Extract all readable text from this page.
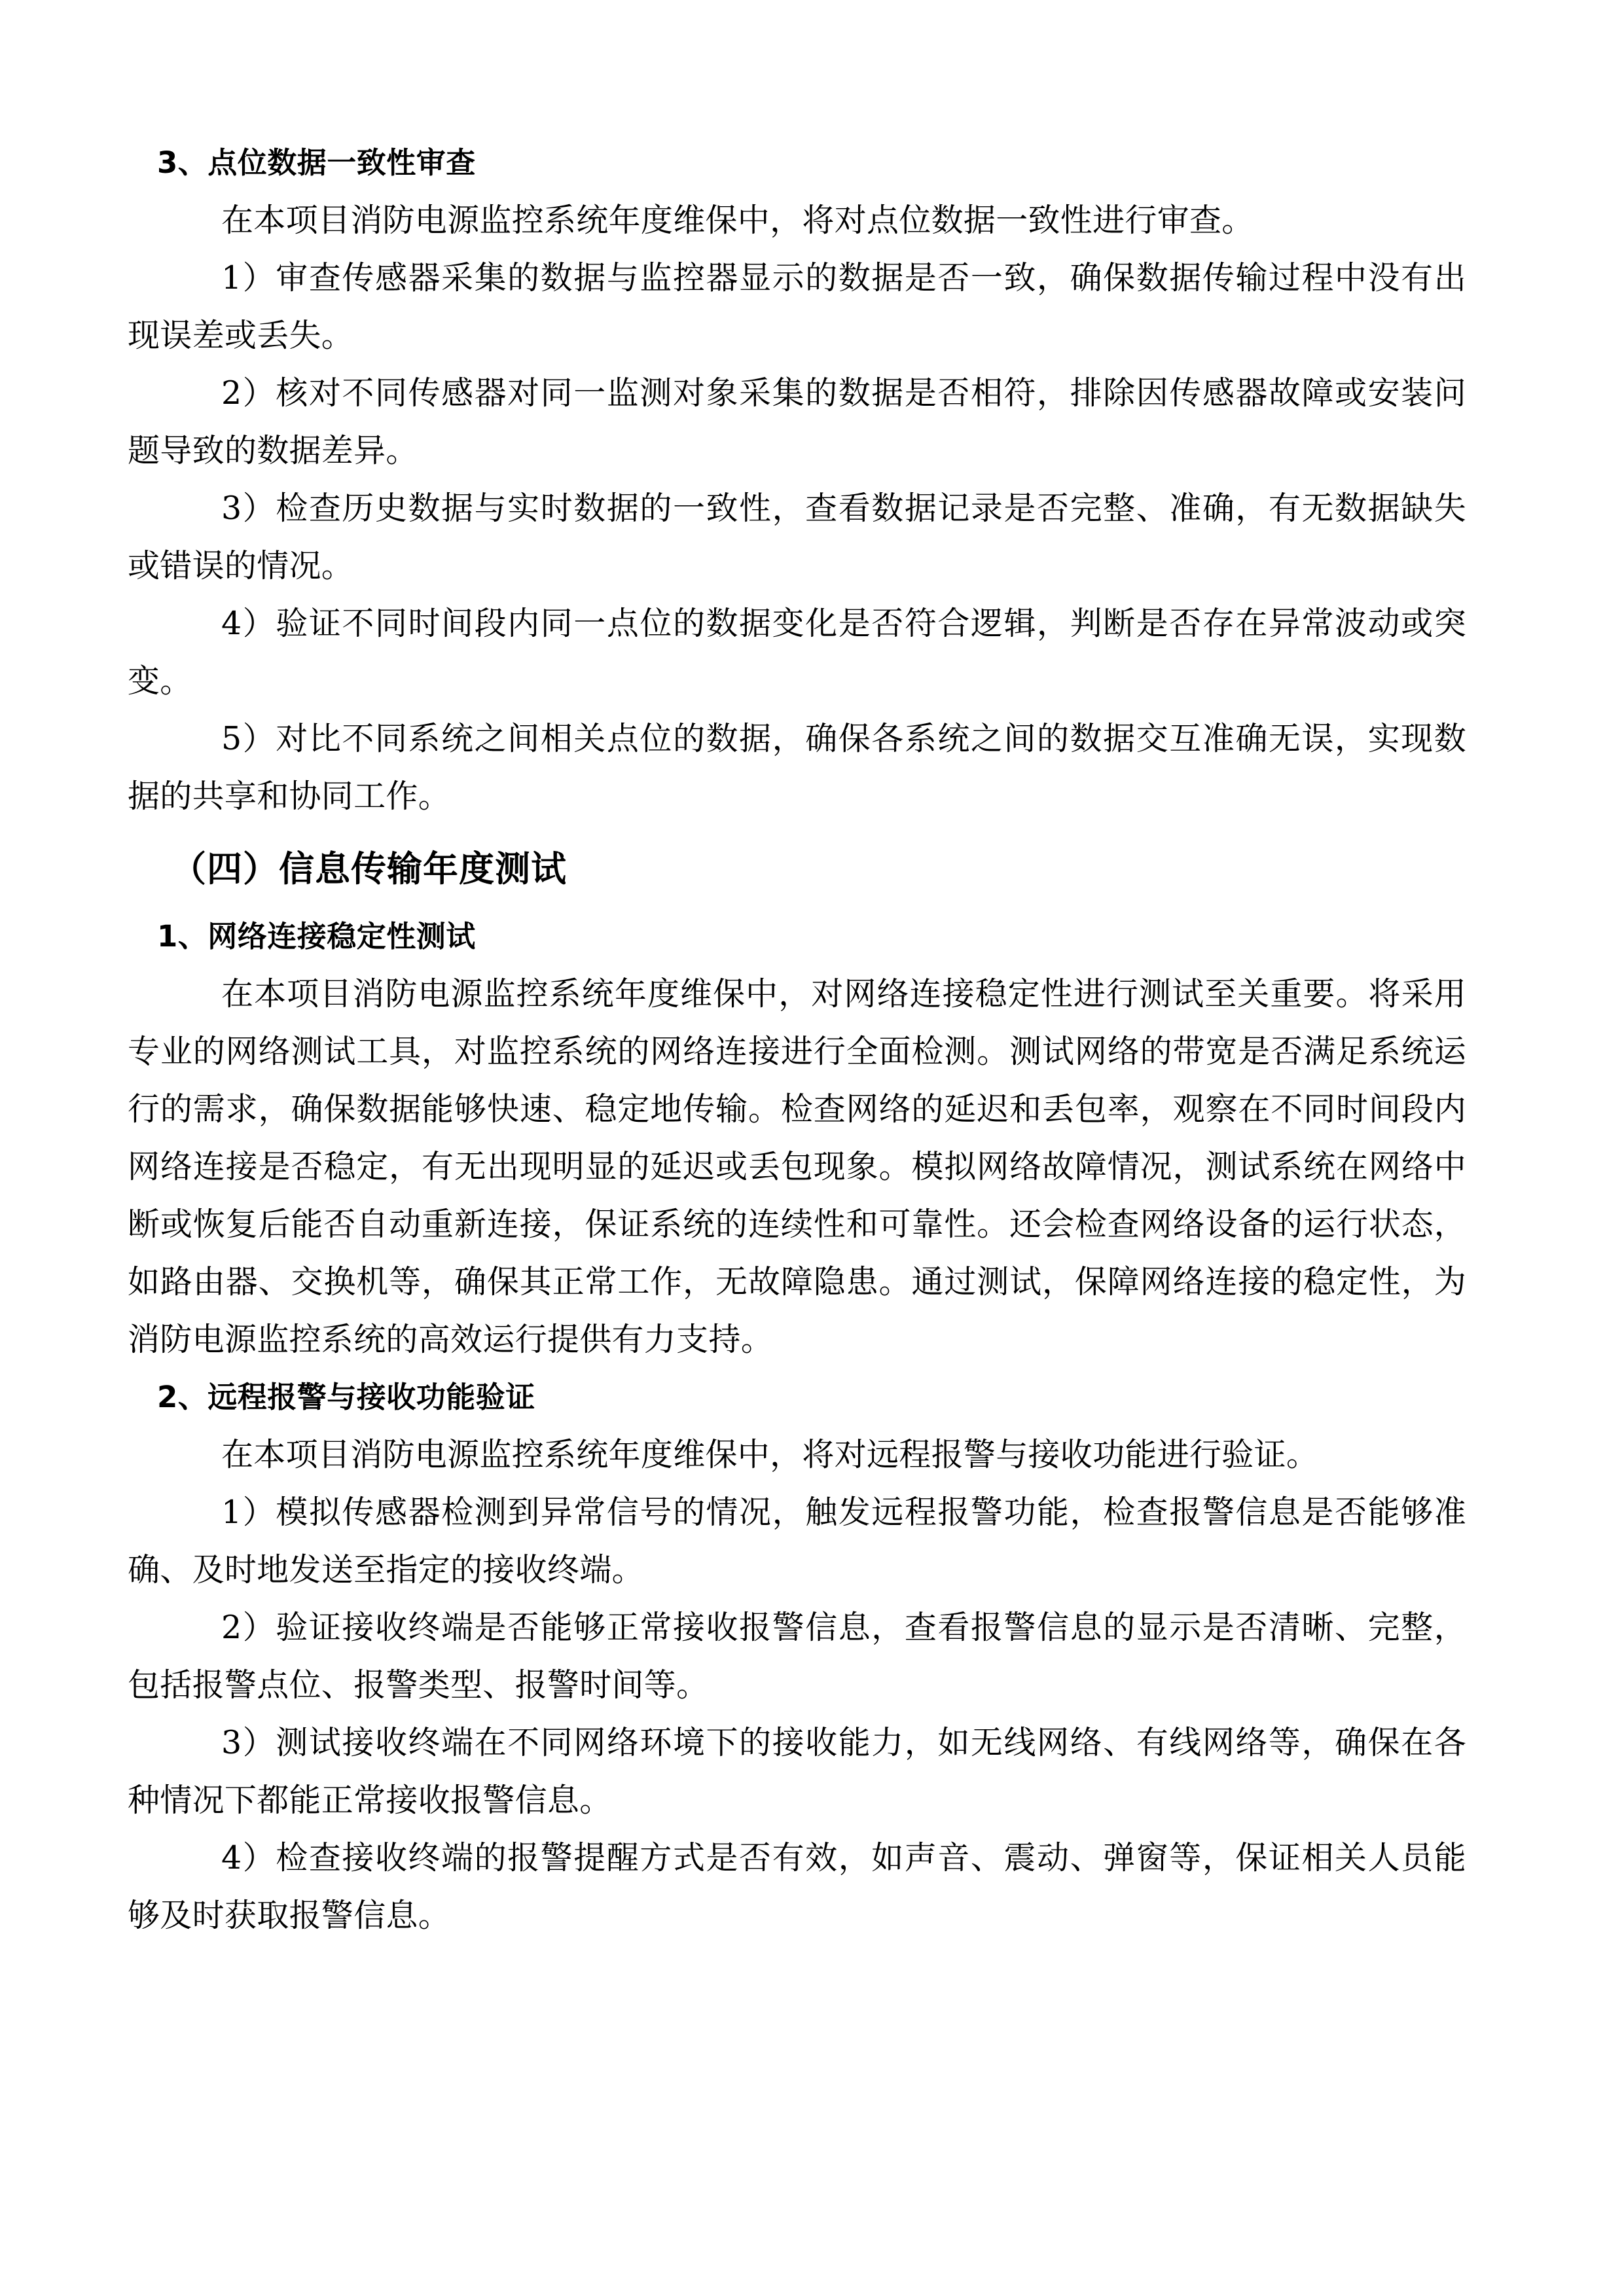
3、点位数据一致性审查
在本项目消防电源监控系统年度维保中，将对点位数据一致性进行审查。
1）审查传感器采集的数据与监控器显示的数据是否一致，确保数据传输过程中没有出现误差或丢失。
2）核对不同传感器对同一监测对象采集的数据是否相符，排除因传感器故障或安装问题导致的数据差异。
3）检查历史数据与实时数据的一致性，查看数据记录是否完整、准确，有无数据缺失或错误的情况。
4）验证不同时间段内同一点位的数据变化是否符合逻辑，判断是否存在异常波动或突变。
5）对比不同系统之间相关点位的数据，确保各系统之间的数据交互准确无误，实现数据的共享和协同工作。
（四）信息传输年度测试
1、网络连接稳定性测试
在本项目消防电源监控系统年度维保中，对网络连接稳定性进行测试至关重要。将采用专业的网络测试工具，对监控系统的网络连接进行全面检测。测试网络的带宽是否满足系统运行的需求，确保数据能够快速、稳定地传输。检查网络的延迟和丢包率，观察在不同时间段内网络连接是否稳定，有无出现明显的延迟或丢包现象。模拟网络故障情况，测试系统在网络中断或恢复后能否自动重新连接，保证系统的连续性和可靠性。还会检查网络设备的运行状态，如路由器、交换机等，确保其正常工作，无故障隐患。通过测试，保障网络连接的稳定性，为消防电源监控系统的高效运行提供有力支持。
2、远程报警与接收功能验证
在本项目消防电源监控系统年度维保中，将对远程报警与接收功能进行验证。
1）模拟传感器检测到异常信号的情况，触发远程报警功能，检查报警信息是否能够准确、及时地发送至指定的接收终端。
2）验证接收终端是否能够正常接收报警信息，查看报警信息的显示是否清晰、完整，包括报警点位、报警类型、报警时间等。
3）测试接收终端在不同网络环境下的接收能力，如无线网络、有线网络等，确保在各种情况下都能正常接收报警信息。
4）检查接收终端的报警提醒方式是否有效，如声音、震动、弹窗等，保证相关人员能够及时获取报警信息。
